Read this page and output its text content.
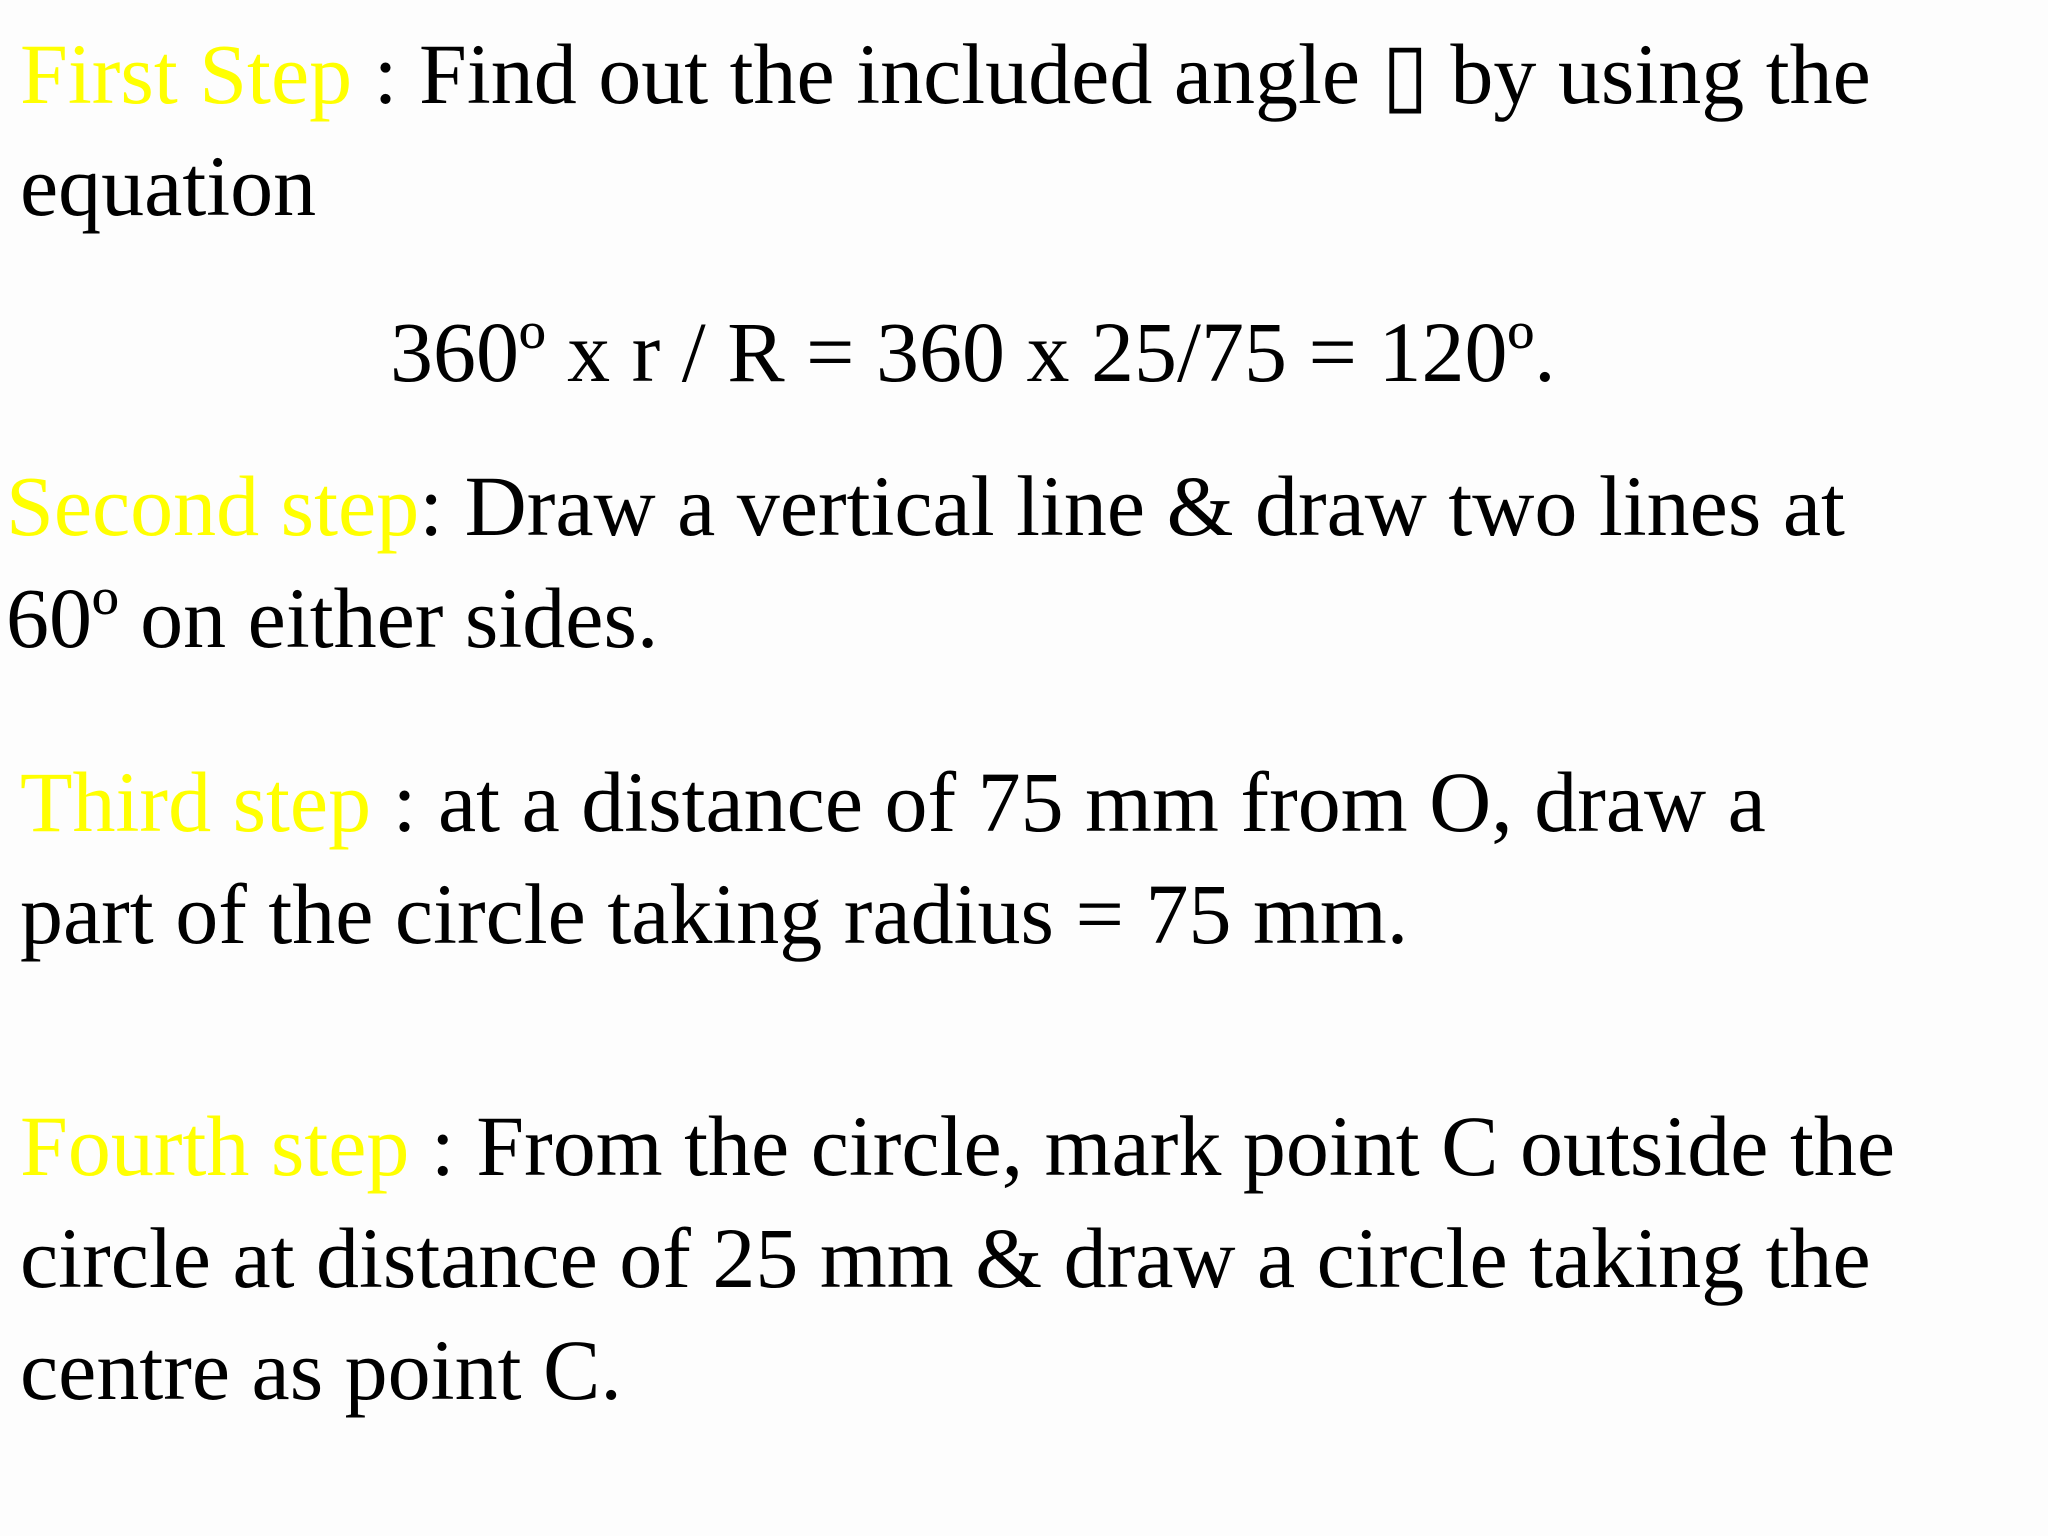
First Step : Find out the included angle ▯ by using the
equation
360º x r / R = 360 x 25/75 = 120º.
Second step: Draw a vertical line & draw two lines at
60º on either sides.
Third step : at a distance of 75 mm from O, draw a
part of the circle taking radius = 75 mm.
Fourth step : From the circle, mark point C outside the
circle at distance of 25 mm & draw a circle taking the
centre as point C.
